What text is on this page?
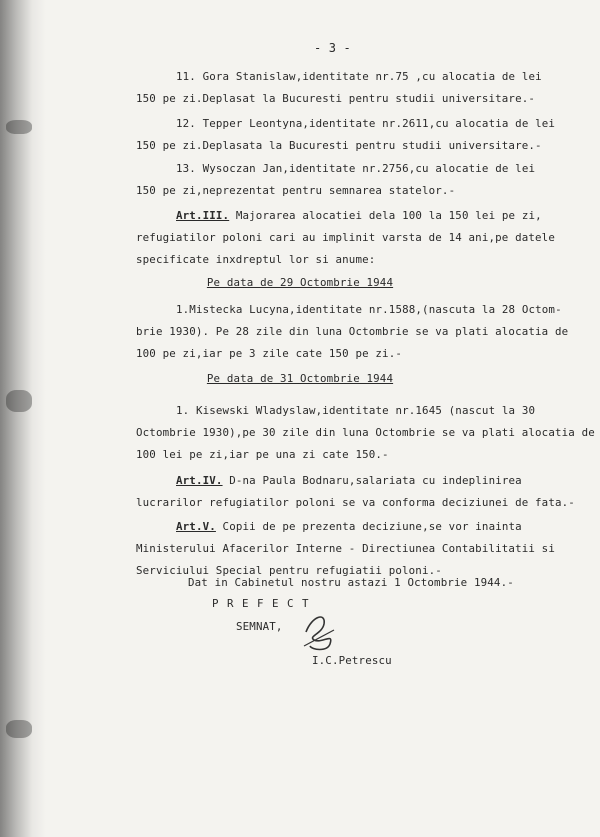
- 3 -
11. Gora Stanislaw,identitate nr.75 ,cu alocatia de lei
150 pe zi.Deplasat la Bucuresti pentru studii universitare.-
12. Tepper Leontyna,identitate nr.2611,cu alocatia de lei
150 pe zi.Deplasata la Bucuresti pentru studii universitare.-
13. Wysoczan Jan,identitate nr.2756,cu alocatie de lei
150 pe zi,neprezentat pentru semnarea statelor.-
Art.III. Majorarea alocatiei dela 100 la 150 lei pe zi,
refugiatilor poloni cari au implinit varsta de 14 ani,pe datele
specificate inxdreptul lor si anume:
Pe data de 29 Octombrie 1944
1.Mistecka Lucyna,identitate nr.1588,(nascuta la 28 Octom-
brie 1930). Pe 28 zile din luna Octombrie se va plati alocatia de
100 pe zi,iar pe 3 zile cate 150 pe zi.-
Pe data de 31 Octombrie 1944
1. Kisewski Wladyslaw,identitate nr.1645 (nascut la 30
Octombrie 1930),pe 30 zile din luna Octombrie se va plati alocatia de
100 lei pe zi,iar pe una zi cate 150.-
Art.IV. D-na Paula Bodnaru,salariata cu indeplinirea
lucrarilor refugiatilor poloni se va conforma deciziunei de fata.-
Art.V. Copii de pe prezenta deciziune,se vor inainta
Ministerului Afacerilor Interne - Directiunea Contabilitatii si
Serviciului Special pentru refugiatii poloni.-
Dat in Cabinetul nostru astazi 1 Octombrie 1944.-
P R E F E C T
SEMNAT,
I.C.Petrescu
